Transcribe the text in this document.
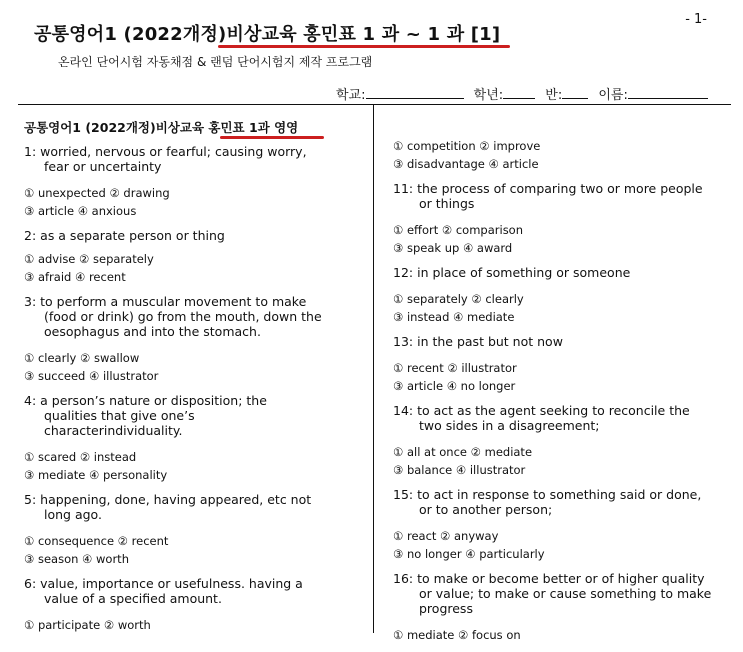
- 1-
공통영어1 (2022개정)비상교육 홍민표 1 과 ~ 1 과 [1]
온라인 단어시험 자동채점 & 랜덤 단어시험지 제작 프로그램
학교:	학년:	반:	이름:
공통영어1 (2022개정)비상교육 홍민표 1과 영영
1: worried, nervous or fearful; causing worry,
fear or uncertainty
① unexpected ② drawing
③ article ④ anxious
2: as a separate person or thing
① advise ② separately
③ afraid ④ recent
3: to perform a muscular movement to make
(food or drink) go from the mouth, down the
oesophagus and into the stomach.
① clearly ② swallow
③ succeed ④ illustrator
4: a person’s nature or disposition; the
qualities that give one’s
characterindividuality.
① scared ② instead
③ mediate ④ personality
5: happening, done, having appeared, etc not
long ago.
① consequence ② recent
③ season ④ worth
6: value, importance or usefulness. having a
value of a specified amount.
① participate ② worth
① competition ② improve
③ disadvantage ④ article
11: the process of comparing two or more people
or things
① effort ② comparison
③ speak up ④ award
12: in place of something or someone
① separately ② clearly
③ instead ④ mediate
13: in the past but not now
① recent ② illustrator
③ article ④ no longer
14: to act as the agent seeking to reconcile the
two sides in a disagreement;
① all at once ② mediate
③ balance ④ illustrator
15: to act in response to something said or done,
or to another person;
① react ② anyway
③ no longer ④ particularly
16: to make or become better or of higher quality
or value; to make or cause something to make
progress
① mediate ② focus on
